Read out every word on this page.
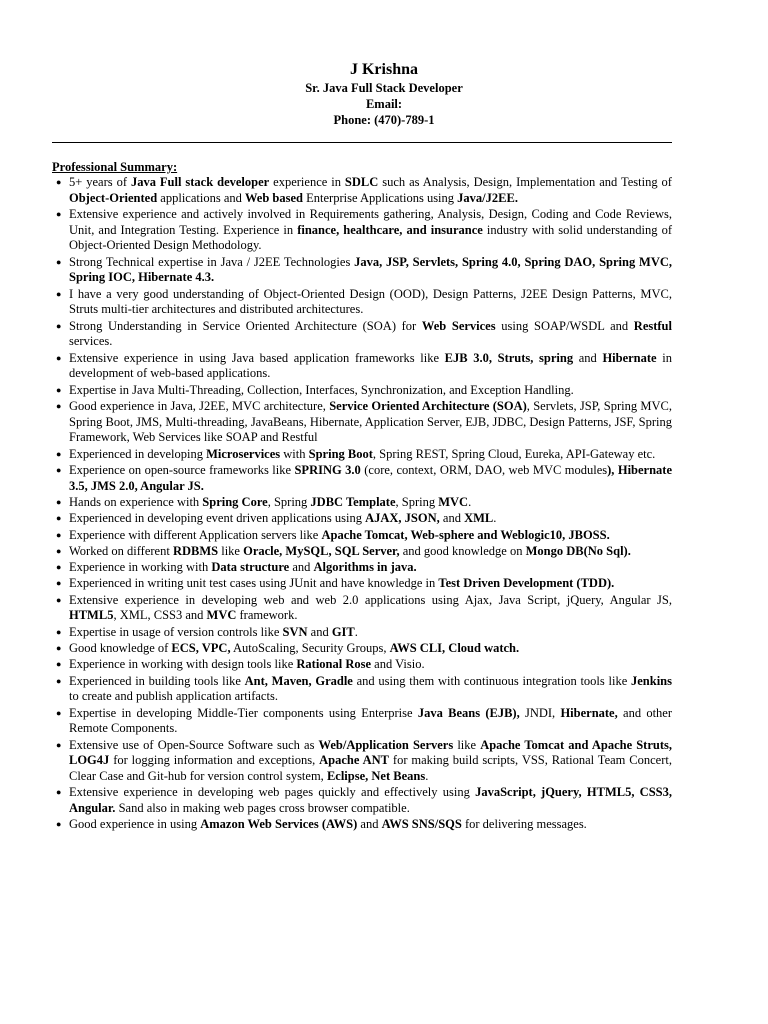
J Krishna
Sr. Java Full Stack Developer
Email:
Phone: (470)-789-1
Professional Summary:
● 5+ years of Java Full stack developer experience in SDLC such as Analysis, Design, Implementation and Testing of Object-Oriented applications and Web based Enterprise Applications using Java/J2EE.
● Extensive experience and actively involved in Requirements gathering, Analysis, Design, Coding and Code Reviews, Unit, and Integration Testing. Experience in finance, healthcare, and insurance industry with solid understanding of Object-Oriented Design Methodology.
● Strong Technical expertise in Java / J2EE Technologies Java, JSP, Servlets, Spring 4.0, Spring DAO, Spring MVC, Spring IOC, Hibernate 4.3.
● I have a very good understanding of Object-Oriented Design (OOD), Design Patterns, J2EE Design Patterns, MVC, Struts multi-tier architectures and distributed architectures.
● Strong Understanding in Service Oriented Architecture (SOA) for Web Services using SOAP/WSDL and Restful services.
● Extensive experience in using Java based application frameworks like EJB 3.0, Struts, spring and Hibernate in development of web-based applications.
● Expertise in Java Multi-Threading, Collection, Interfaces, Synchronization, and Exception Handling.
● Good experience in Java, J2EE, MVC architecture, Service Oriented Architecture (SOA), Servlets, JSP, Spring MVC, Spring Boot, JMS, Multi-threading, JavaBeans, Hibernate, Application Server, EJB, JDBC, Design Patterns, JSF, Spring Framework, Web Services like SOAP and Restful
● Experienced in developing Microservices with Spring Boot, Spring REST, Spring Cloud, Eureka, API-Gateway etc.
● Experience on open-source frameworks like SPRING 3.0 (core, context, ORM, DAO, web MVC modules), Hibernate 3.5, JMS 2.0, Angular JS.
● Hands on experience with Spring Core, Spring JDBC Template, Spring MVC.
● Experienced in developing event driven applications using AJAX, JSON, and XML.
● Experience with different Application servers like Apache Tomcat, Web-sphere and Weblogic10, JBOSS.
● Worked on different RDBMS like Oracle, MySQL, SQL Server, and good knowledge on Mongo DB(No Sql).
● Experience in working with Data structure and Algorithms in java.
● Experienced in writing unit test cases using JUnit and have knowledge in Test Driven Development (TDD).
● Extensive experience in developing web and web 2.0 applications using Ajax, Java Script, jQuery, Angular JS, HTML5, XML, CSS3 and MVC framework.
● Expertise in usage of version controls like SVN and GIT.
● Good knowledge of ECS, VPC, AutoScaling, Security Groups, AWS CLI, Cloud watch.
● Experience in working with design tools like Rational Rose and Visio.
● Experienced in building tools like Ant, Maven, Gradle and using them with continuous integration tools like Jenkins to create and publish application artifacts.
● Expertise in developing Middle-Tier components using Enterprise Java Beans (EJB), JNDI, Hibernate, and other Remote Components.
● Extensive use of Open-Source Software such as Web/Application Servers like Apache Tomcat and Apache Struts, LOG4J for logging information and exceptions, Apache ANT for making build scripts, VSS, Rational Team Concert, Clear Case and Git-hub for version control system, Eclipse, Net Beans.
● Extensive experience in developing web pages quickly and effectively using JavaScript, jQuery, HTML5, CSS3, Angular. Sand also in making web pages cross browser compatible.
● Good experience in using Amazon Web Services (AWS) and AWS SNS/SQS for delivering messages.
